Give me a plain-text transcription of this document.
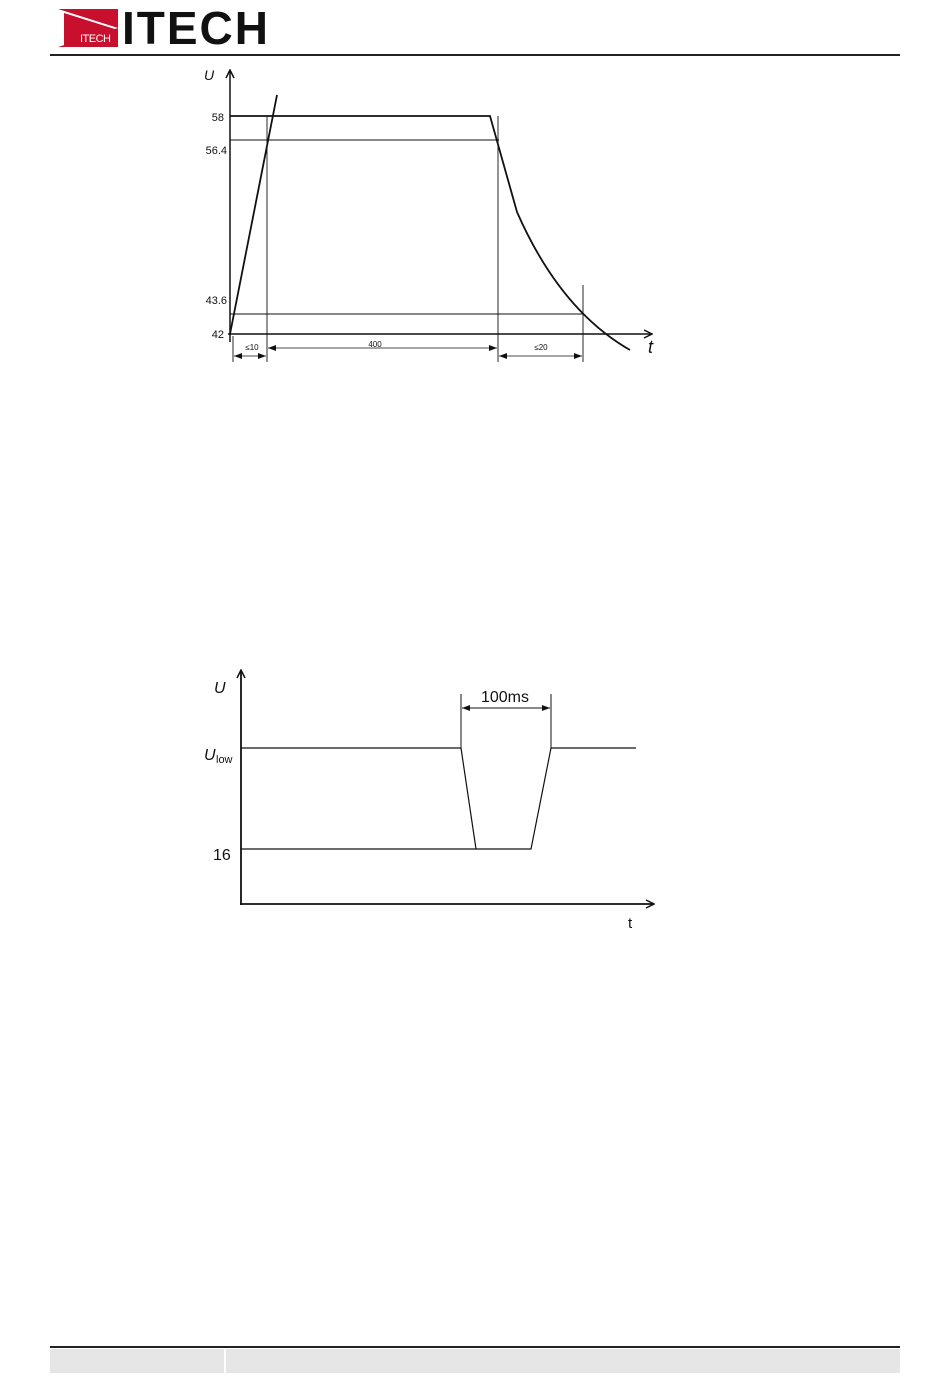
ITECH ITECH
U
t
58
56.4
43.6
42
≤10	400	≤20
U
t
U low
16
100ms
